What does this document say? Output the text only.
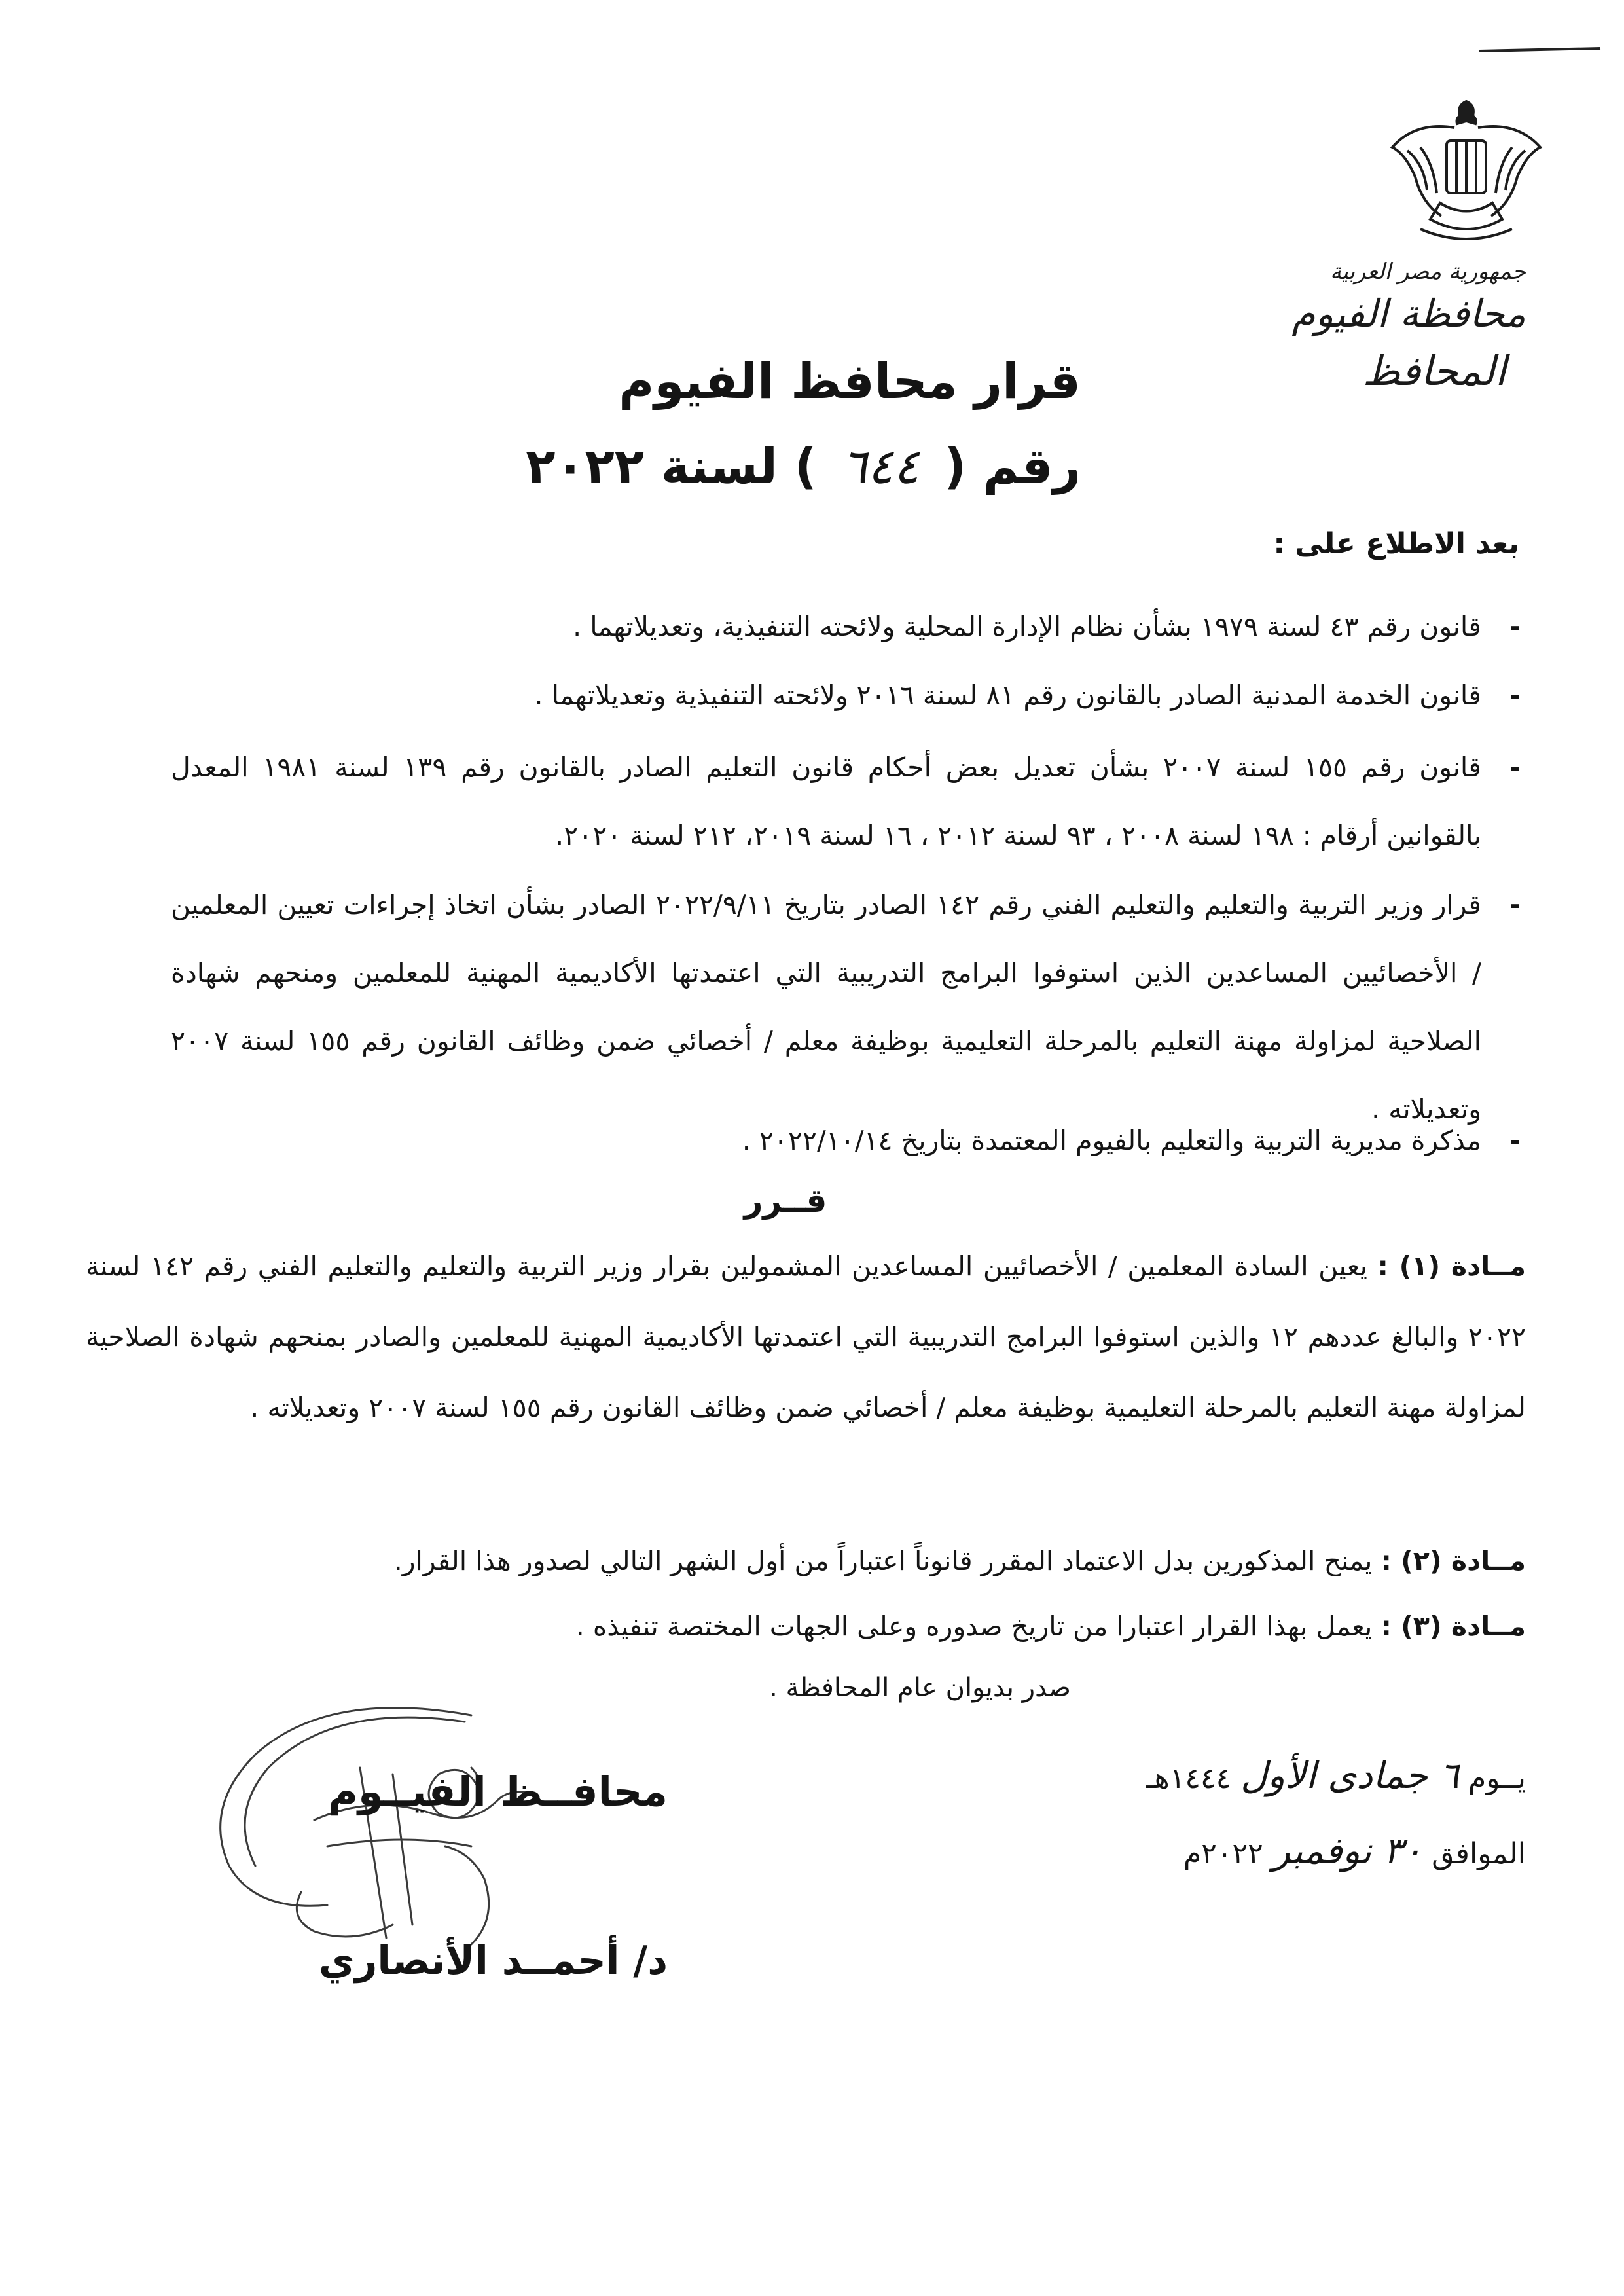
جمهورية مصر العربية
محافظة الفيوم
المحافظ
قرار محافظ الفيوم
رقم ( ٦٤٤ ) لسنة ٢٠٢٢
بعد الاطلاع على :
-
قانون رقم ٤٣ لسنة ١٩٧٩ بشأن نظام الإدارة المحلية ولائحته التنفيذية، وتعديلاتهما .
-
قانون الخدمة المدنية الصادر بالقانون رقم ٨١ لسنة ٢٠١٦ ولائحته التنفيذية وتعديلاتهما .
-
قانون رقم ١٥٥ لسنة ٢٠٠٧ بشأن تعديل بعض أحكام قانون التعليم الصادر بالقانون رقم ١٣٩ لسنة ١٩٨١ المعدل بالقوانين أرقام : ١٩٨ لسنة ٢٠٠٨ ، ٩٣ لسنة ٢٠١٢ ، ١٦ لسنة ٢٠١٩، ٢١٢ لسنة ٢٠٢٠.
-
قرار وزير التربية والتعليم والتعليم الفني رقم ١٤٢ الصادر بتاريخ ٢٠٢٢/٩/١١ الصادر بشأن اتخاذ إجراءات تعيين المعلمين / الأخصائيين المساعدين الذين استوفوا البرامج التدريبية التي اعتمدتها الأكاديمية المهنية للمعلمين ومنحهم شهادة الصلاحية لمزاولة مهنة التعليم بالمرحلة التعليمية بوظيفة معلم / أخصائي ضمن وظائف القانون رقم ١٥٥ لسنة ٢٠٠٧ وتعديلاته .
-
مذكرة مديرية التربية والتعليم بالفيوم المعتمدة بتاريخ ٢٠٢٢/١٠/١٤ .
قــرر
مــادة (١) : يعين السادة المعلمين / الأخصائيين المساعدين المشمولين بقرار وزير التربية والتعليم والتعليم الفني رقم ١٤٢ لسنة ٢٠٢٢ والبالغ عددهم ١٢ والذين استوفوا البرامج التدريبية التي اعتمدتها الأكاديمية المهنية للمعلمين والصادر بمنحهم شهادة الصلاحية لمزاولة مهنة التعليم بالمرحلة التعليمية بوظيفة معلم / أخصائي ضمن وظائف القانون رقم ١٥٥ لسنة ٢٠٠٧ وتعديلاته .
مــادة (٢) : يمنح المذكورين بدل الاعتماد المقرر قانوناً اعتباراً من أول الشهر التالي لصدور هذا القرار.
مــادة (٣) : يعمل بهذا القرار اعتبارا من تاريخ صدوره وعلى الجهات المختصة تنفيذه .
صدر بديوان عام المحافظة .
يــوم ٦ جمادى الأول ١٤٤٤هـ
الموافق ٣٠ نوفمبر ٢٠٢٢م
محافــظ الفيــوم
د/ أحمــد الأنصاري
